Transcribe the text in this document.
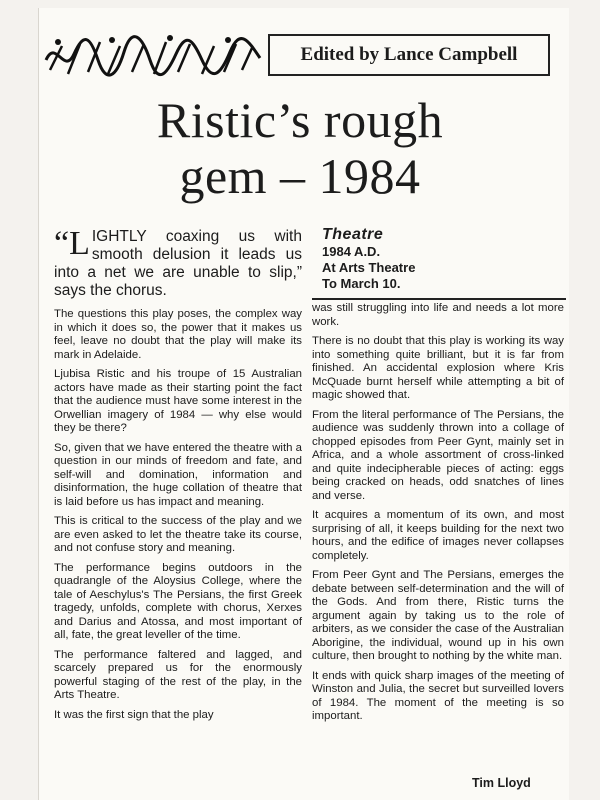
Edited by Lance Campbell
Ristic’s rough
gem – 1984
Theatre
1984 A.D.
At Arts Theatre
To March 10.
“LIGHTLY coaxing us with smooth delusion it leads us into a net we are unable to slip,” says the chorus.

The questions this play poses, the complex way in which it does so, the power that it makes us feel, leave no doubt that the play will make its mark in Adelaide.

Ljubisa Ristic and his troupe of 15 Australian actors have made as their starting point the fact that the audience must have some interest in the Orwellian imagery of 1984 — why else would they be there?

So, given that we have entered the theatre with a question in our minds of freedom and fate, and self-will and domination, information and disinformation, the huge collation of theatre that is laid before us has impact and meaning.

This is critical to the success of the play and we are even asked to let the theatre take its course, and not confuse story and meaning.

The performance begins outdoors in the quadrangle of the Aloysius College, where the tale of Aeschylus's The Persians, the first Greek tragedy, unfolds, complete with chorus, Xerxes and Darius and Atossa, and most important of all, fate, the great leveller of the time.

The performance faltered and lagged, and scarcely prepared us for the enormously powerful staging of the rest of the play, in the Arts Theatre.

It was the first sign that the play

was still struggling into life and needs a lot more work.

There is no doubt that this play is working its way into something quite brilliant, but it is far from finished. An accidental explosion where Kris McQuade burnt herself while attempting a bit of magic showed that.

From the literal performance of The Persians, the audience was suddenly thrown into a collage of chopped episodes from Peer Gynt, mainly set in Africa, and a whole assortment of cross-linked and quite indecipherable pieces of acting: eggs being cracked on heads, odd snatches of lines and verse.

It acquires a momentum of its own, and most surprising of all, it keeps building for the next two hours, and the edifice of images never collapses completely.

From Peer Gynt and The Persians, emerges the debate between self-determination and the will of the Gods. And from there, Ristic turns the argument again by taking us to the role of arbiters, as we consider the case of the Australian Aborigine, the individual, wound up in his own culture, then brought to nothing by the white man.

It ends with quick sharp images of the meeting of Winston and Julia, the secret but surveilled lovers of 1984. The moment of the meeting is so important.

Tim Lloyd
